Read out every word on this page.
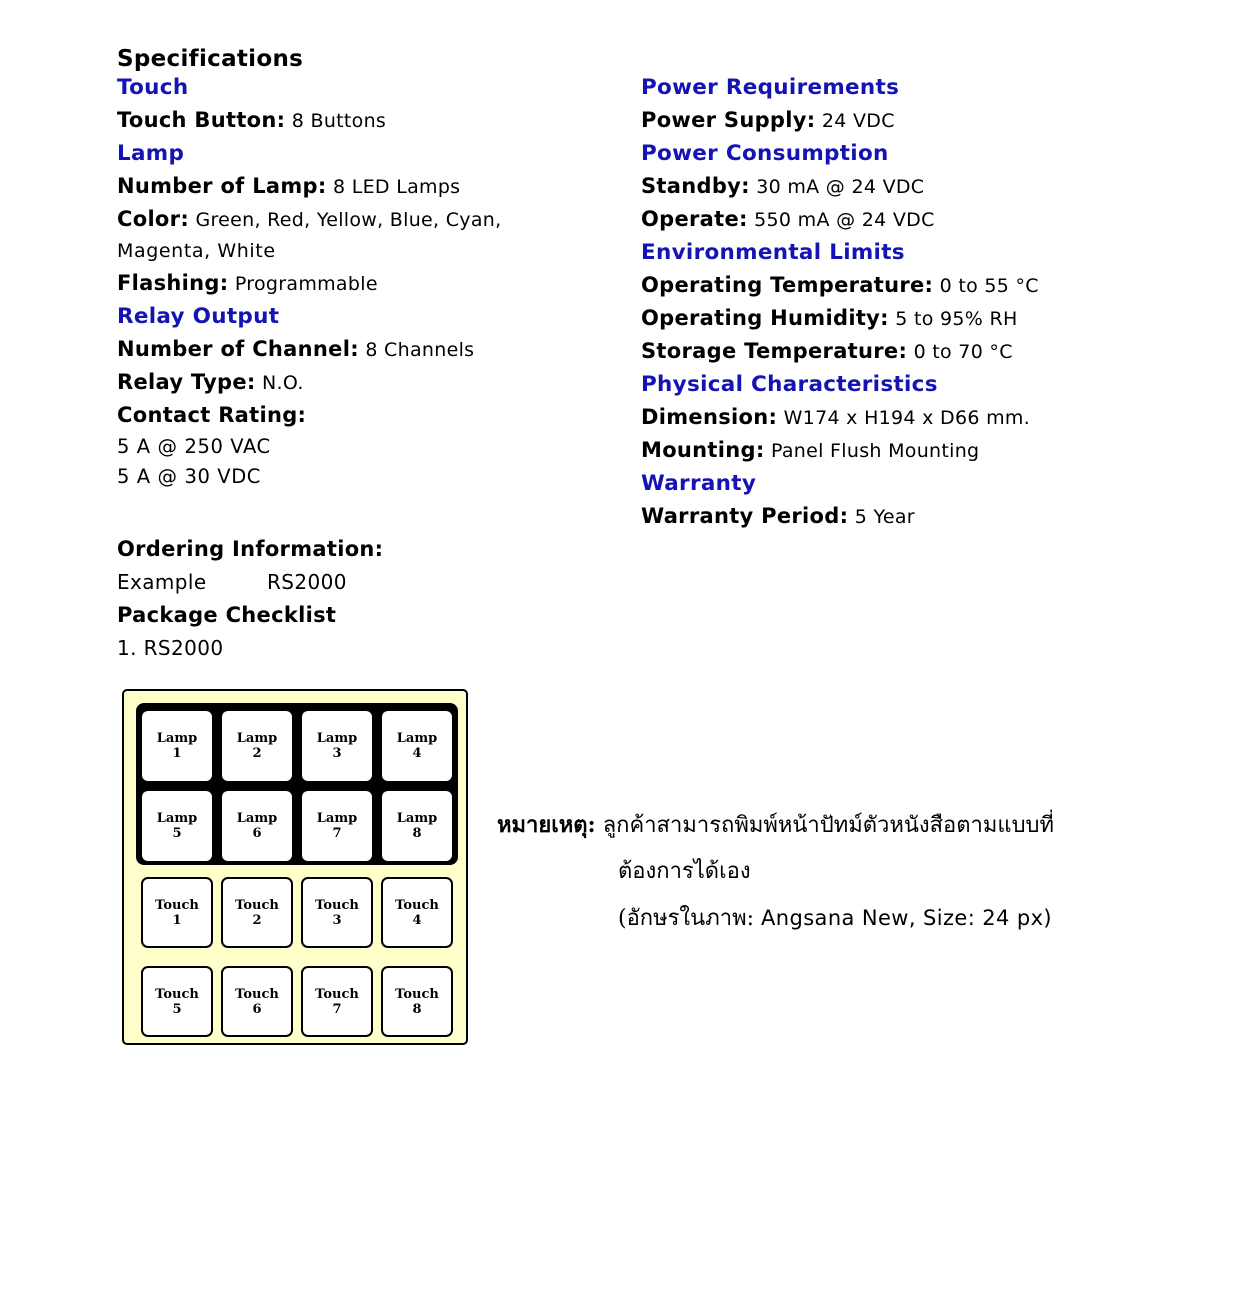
Specifications
Touch
Touch Button: 8 Buttons
Lamp
Number of Lamp: 8 LED Lamps
Color: Green, Red, Yellow, Blue, Cyan,
Magenta, White
Flashing: Programmable
Relay Output
Number of Channel: 8 Channels
Relay Type: N.O.
Contact Rating:
5 A @ 250 VAC
5 A @ 30 VDC
Ordering Information:
Example	RS2000
Package Checklist
1. RS2000
Power Requirements
Power Supply: 24 VDC
Power Consumption
Standby: 30 mA @ 24 VDC
Operate: 550 mA @ 24 VDC
Environmental Limits
Operating Temperature: 0 to 55 °C
Operating Humidity: 5 to 95% RH
Storage Temperature: 0 to 70 °C
Physical Characteristics
Dimension: W174 x H194 x D66 mm.
Mounting: Panel Flush Mounting
Warranty
Warranty Period: 5 Year
Lamp
1
Lamp
2
Lamp
3
Lamp
4
Lamp
5
Lamp
6
Lamp
7
Lamp
8
Touch
1
Touch
2
Touch
3
Touch
4
Touch
5
Touch
6
Touch
7
Touch
8
หมายเหตุ: ลูกค้าสามารถพิมพ์หน้าปัทม์ตัวหนังสือตามแบบที่
ต้องการได้เอง
(อักษรในภาพ: Angsana New, Size: 24 px)
